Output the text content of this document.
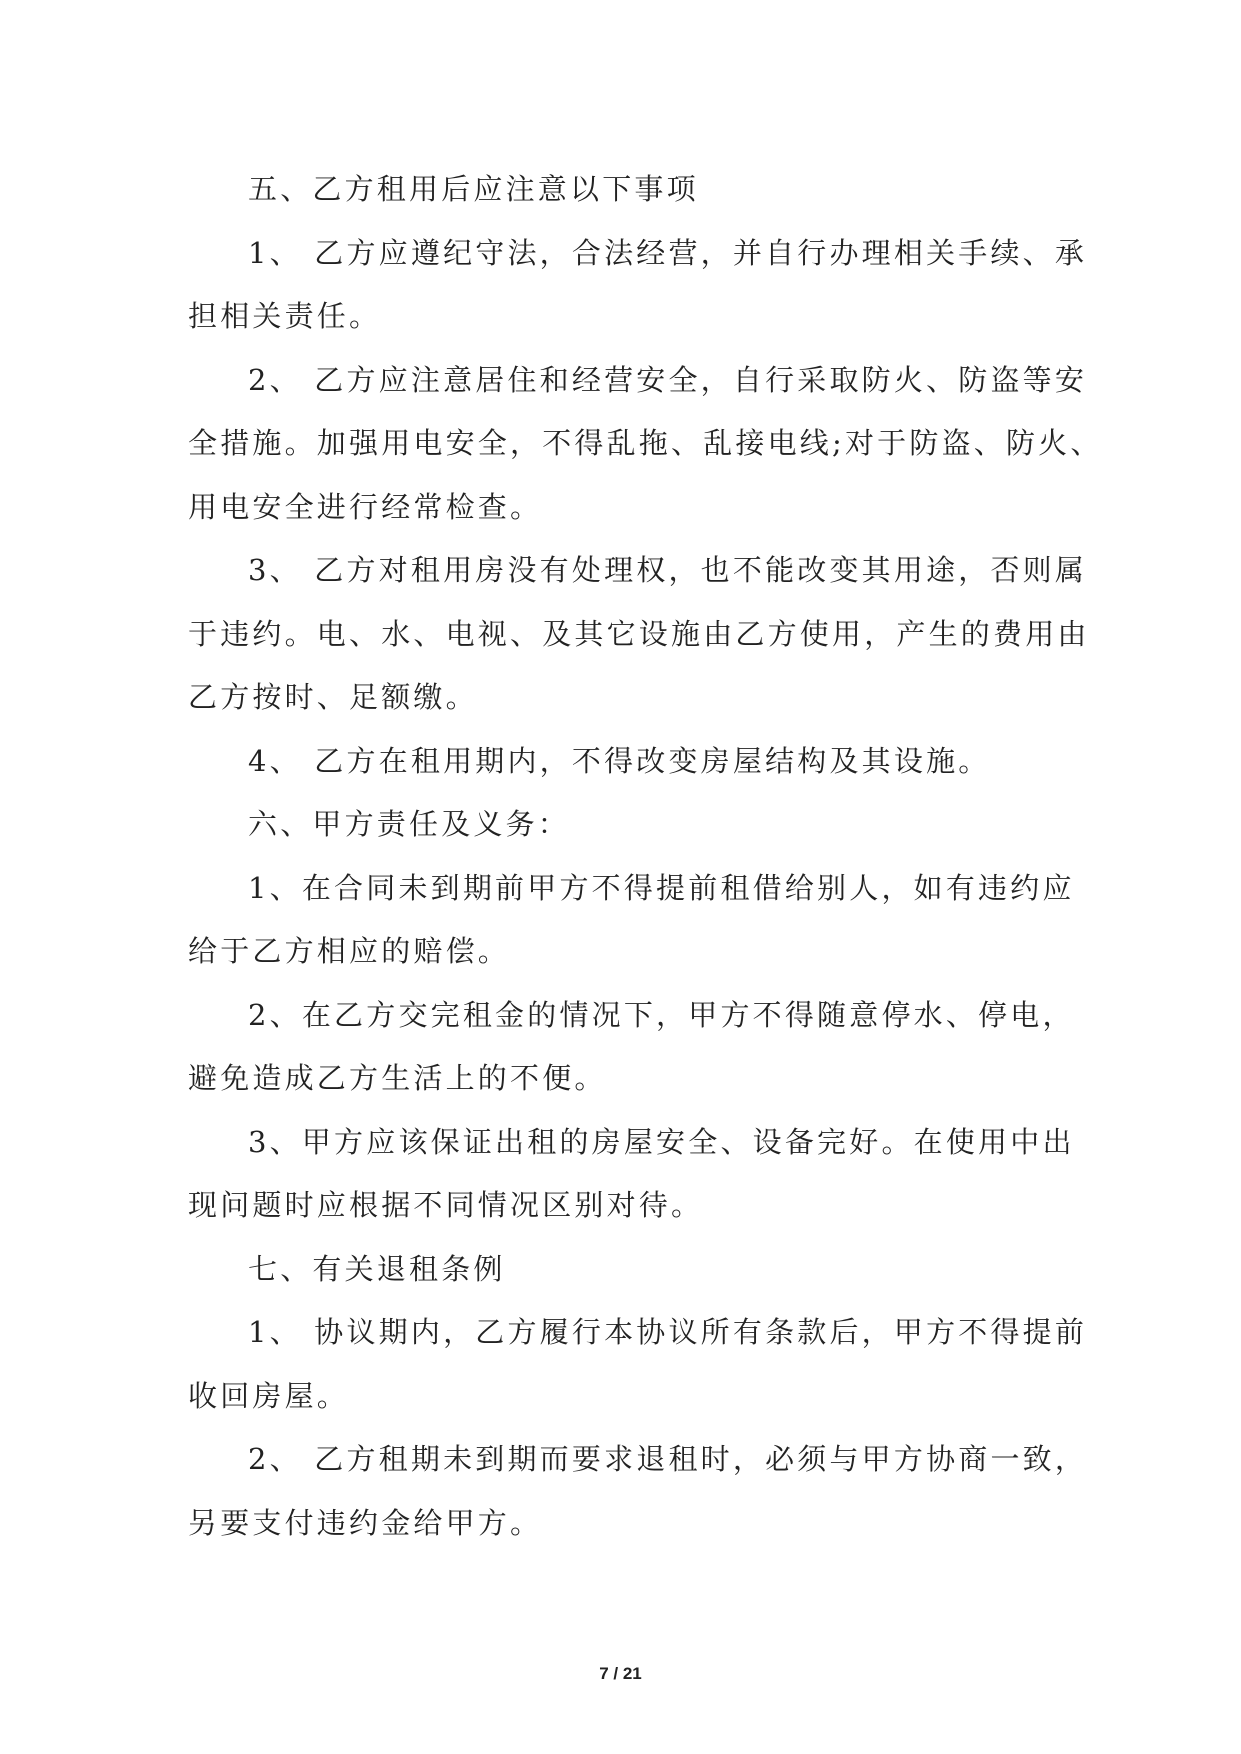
五、乙方租用后应注意以下事项
1、 乙方应遵纪守法，合法经营，并自行办理相关手续、承
担相关责任。
2、 乙方应注意居住和经营安全，自行采取防火、防盗等安
全措施。加强用电安全，不得乱拖、乱接电线;对于防盗、防火、
用电安全进行经常检查。
3、 乙方对租用房没有处理权，也不能改变其用途，否则属
于违约。电、水、电视、及其它设施由乙方使用，产生的费用由
乙方按时、足额缴。
4、 乙方在租用期内，不得改变房屋结构及其设施。
六、甲方责任及义务：
1、在合同未到期前甲方不得提前租借给别人，如有违约应
给于乙方相应的赔偿。
2、在乙方交完租金的情况下，甲方不得随意停水、停电，
避免造成乙方生活上的不便。
3、甲方应该保证出租的房屋安全、设备完好。在使用中出
现问题时应根据不同情况区别对待。
七、有关退租条例
1、 协议期内，乙方履行本协议所有条款后，甲方不得提前
收回房屋。
2、 乙方租期未到期而要求退租时，必须与甲方协商一致，
另要支付违约金给甲方。
7 / 21
